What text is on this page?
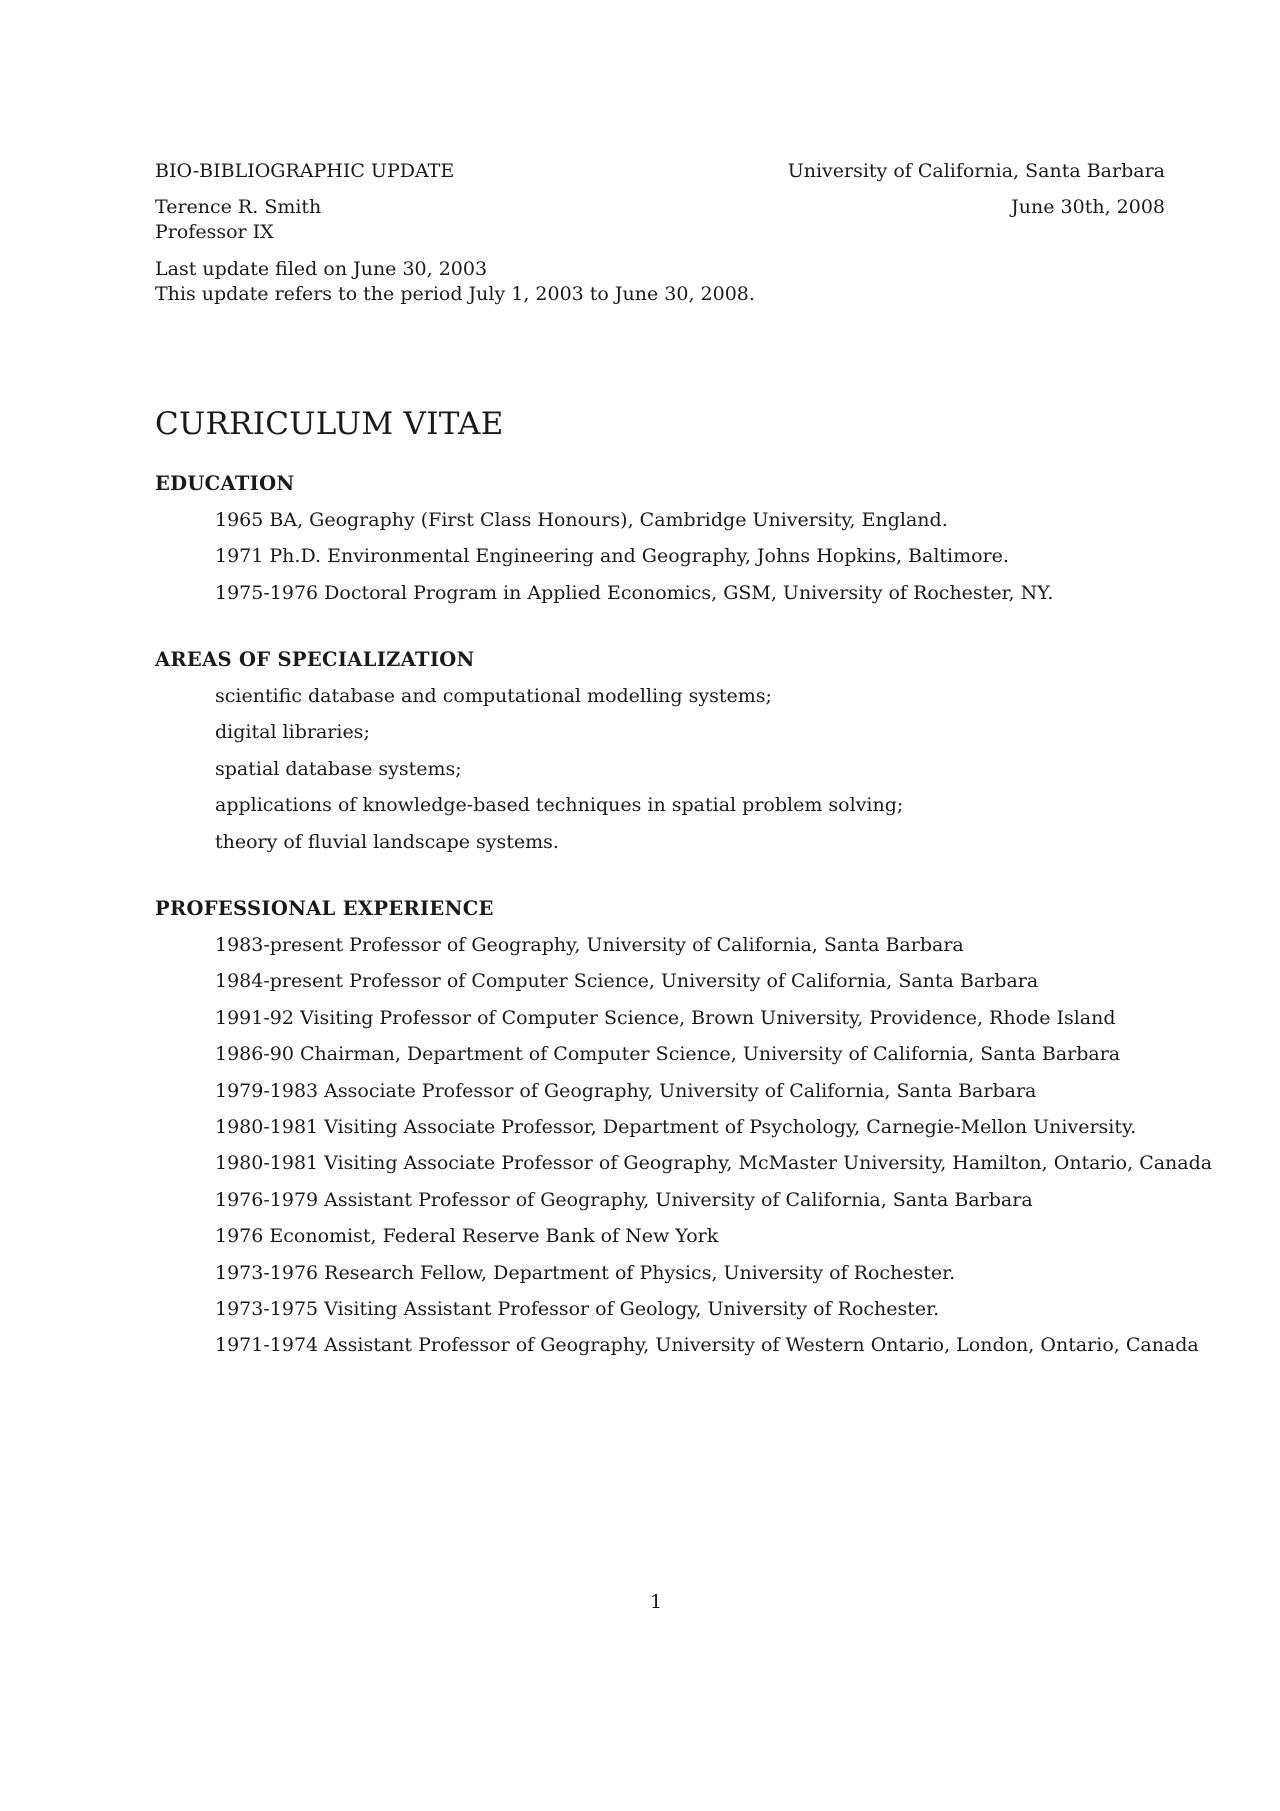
BIO-BIBLIOGRAPHIC UPDATE	University of California, Santa Barbara
Terence R. Smith	June 30th, 2008
Professor IX
Last update filed on June 30, 2003
This update refers to the period July 1, 2003 to June 30, 2008.
CURRICULUM VITAE
EDUCATION
1965 BA, Geography (First Class Honours), Cambridge University, England.
1971 Ph.D. Environmental Engineering and Geography, Johns Hopkins, Baltimore.
1975-1976 Doctoral Program in Applied Economics, GSM, University of Rochester, NY.
AREAS OF SPECIALIZATION
scientific database and computational modelling systems;
digital libraries;
spatial database systems;
applications of knowledge-based techniques in spatial problem solving;
theory of fluvial landscape systems.
PROFESSIONAL EXPERIENCE
1983-present Professor of Geography, University of California, Santa Barbara
1984-present Professor of Computer Science, University of California, Santa Barbara
1991-92 Visiting Professor of Computer Science, Brown University, Providence, Rhode Island
1986-90 Chairman, Department of Computer Science, University of California, Santa Barbara
1979-1983 Associate Professor of Geography, University of California, Santa Barbara
1980-1981 Visiting Associate Professor, Department of Psychology, Carnegie-Mellon University.
1980-1981 Visiting Associate Professor of Geography, McMaster University, Hamilton, Ontario, Canada
1976-1979 Assistant Professor of Geography, University of California, Santa Barbara
1976 Economist, Federal Reserve Bank of New York
1973-1976 Research Fellow, Department of Physics, University of Rochester.
1973-1975 Visiting Assistant Professor of Geology, University of Rochester.
1971-1974 Assistant Professor of Geography, University of Western Ontario, London, Ontario, Canada
1
